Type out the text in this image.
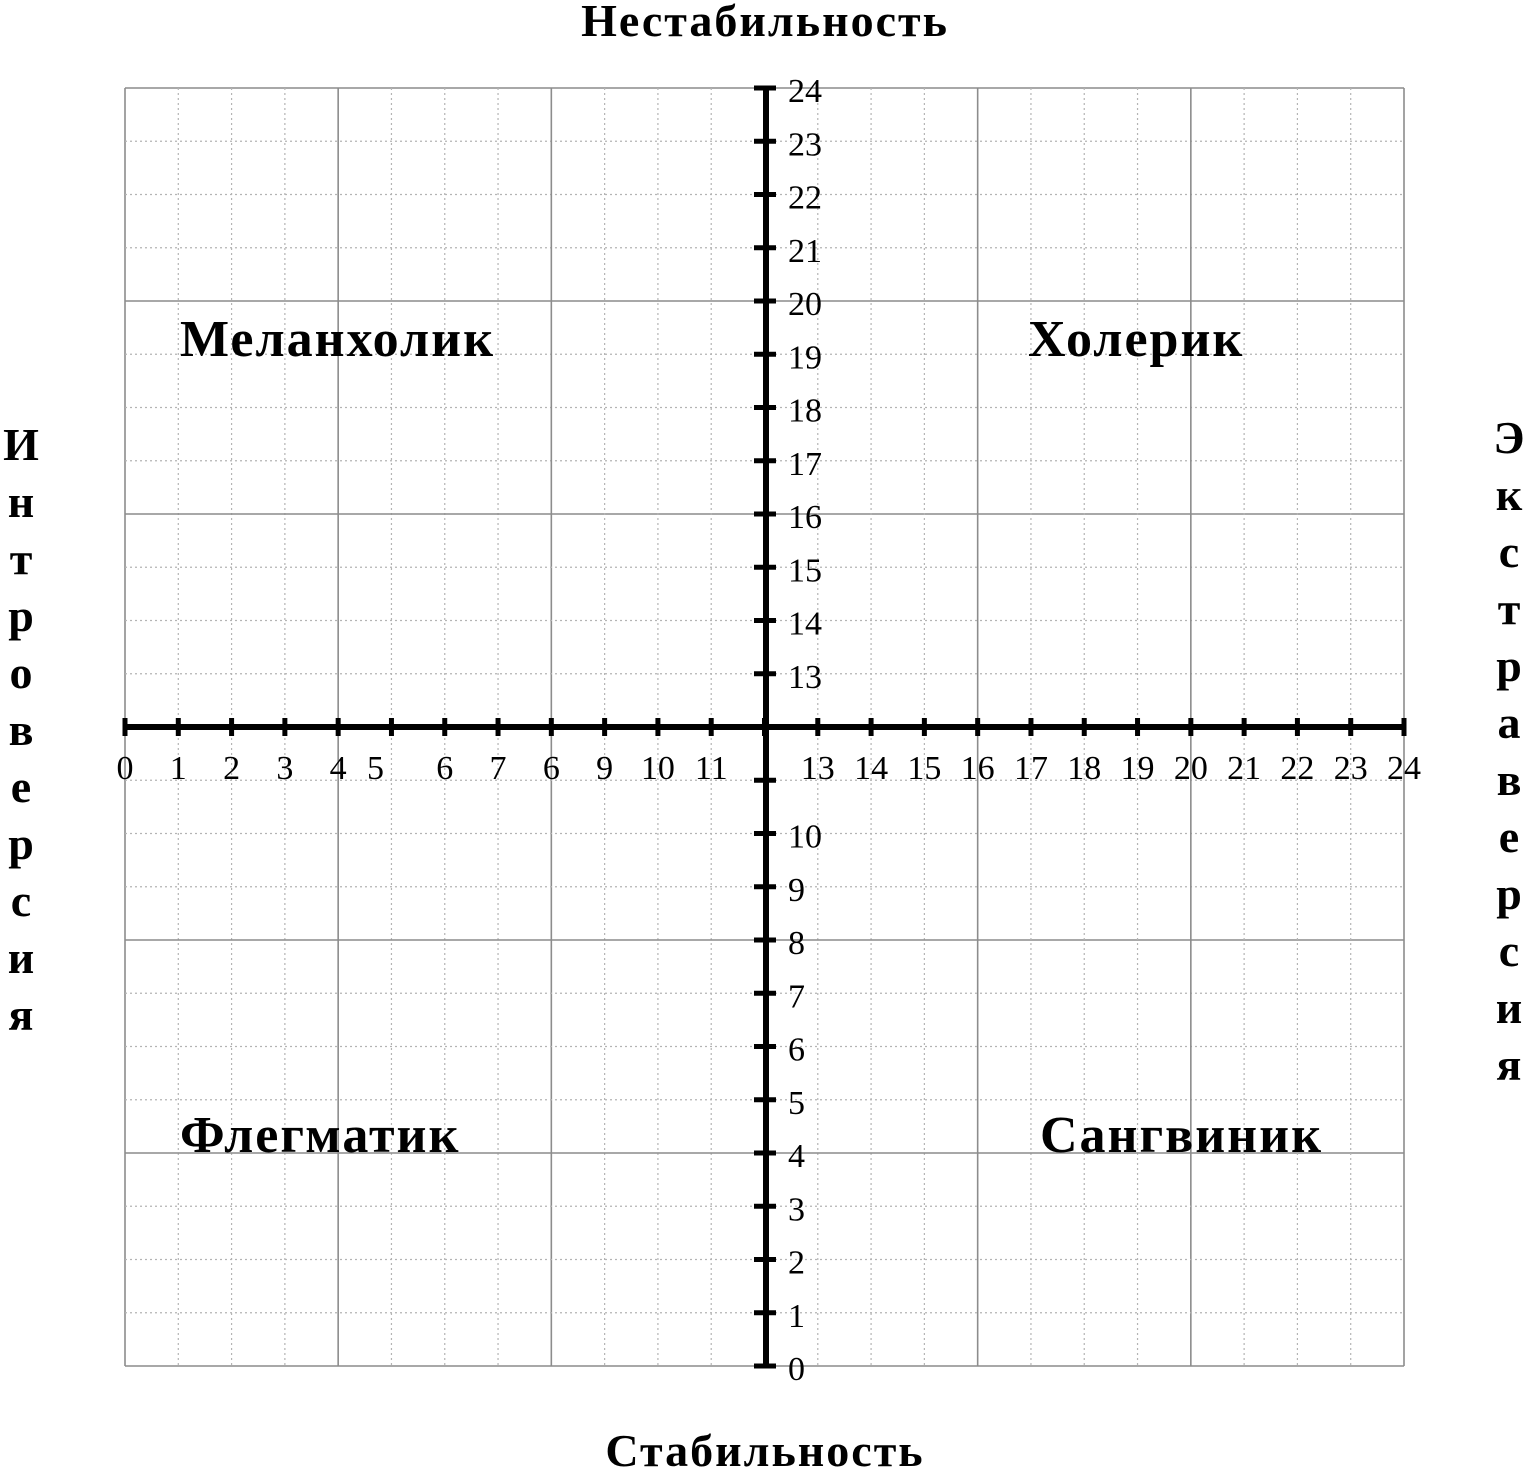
Нестабильность
Стабильность
И
н
т
р
о
в
е
р
с
и
я
Э
к
с
т
р
а
в
е
р
с
и
я
0 1 2 3 4 5 6 7 6 9 10 11 13 14 15 16 17 18 19 20 21 22 23 24
0
1
2
3
4
5
6
7
8
9
10
13
14
15
16
17
18
19
20
21
22
23
24
Меланхолик	Холерик
Флегматик	Сангвиник
